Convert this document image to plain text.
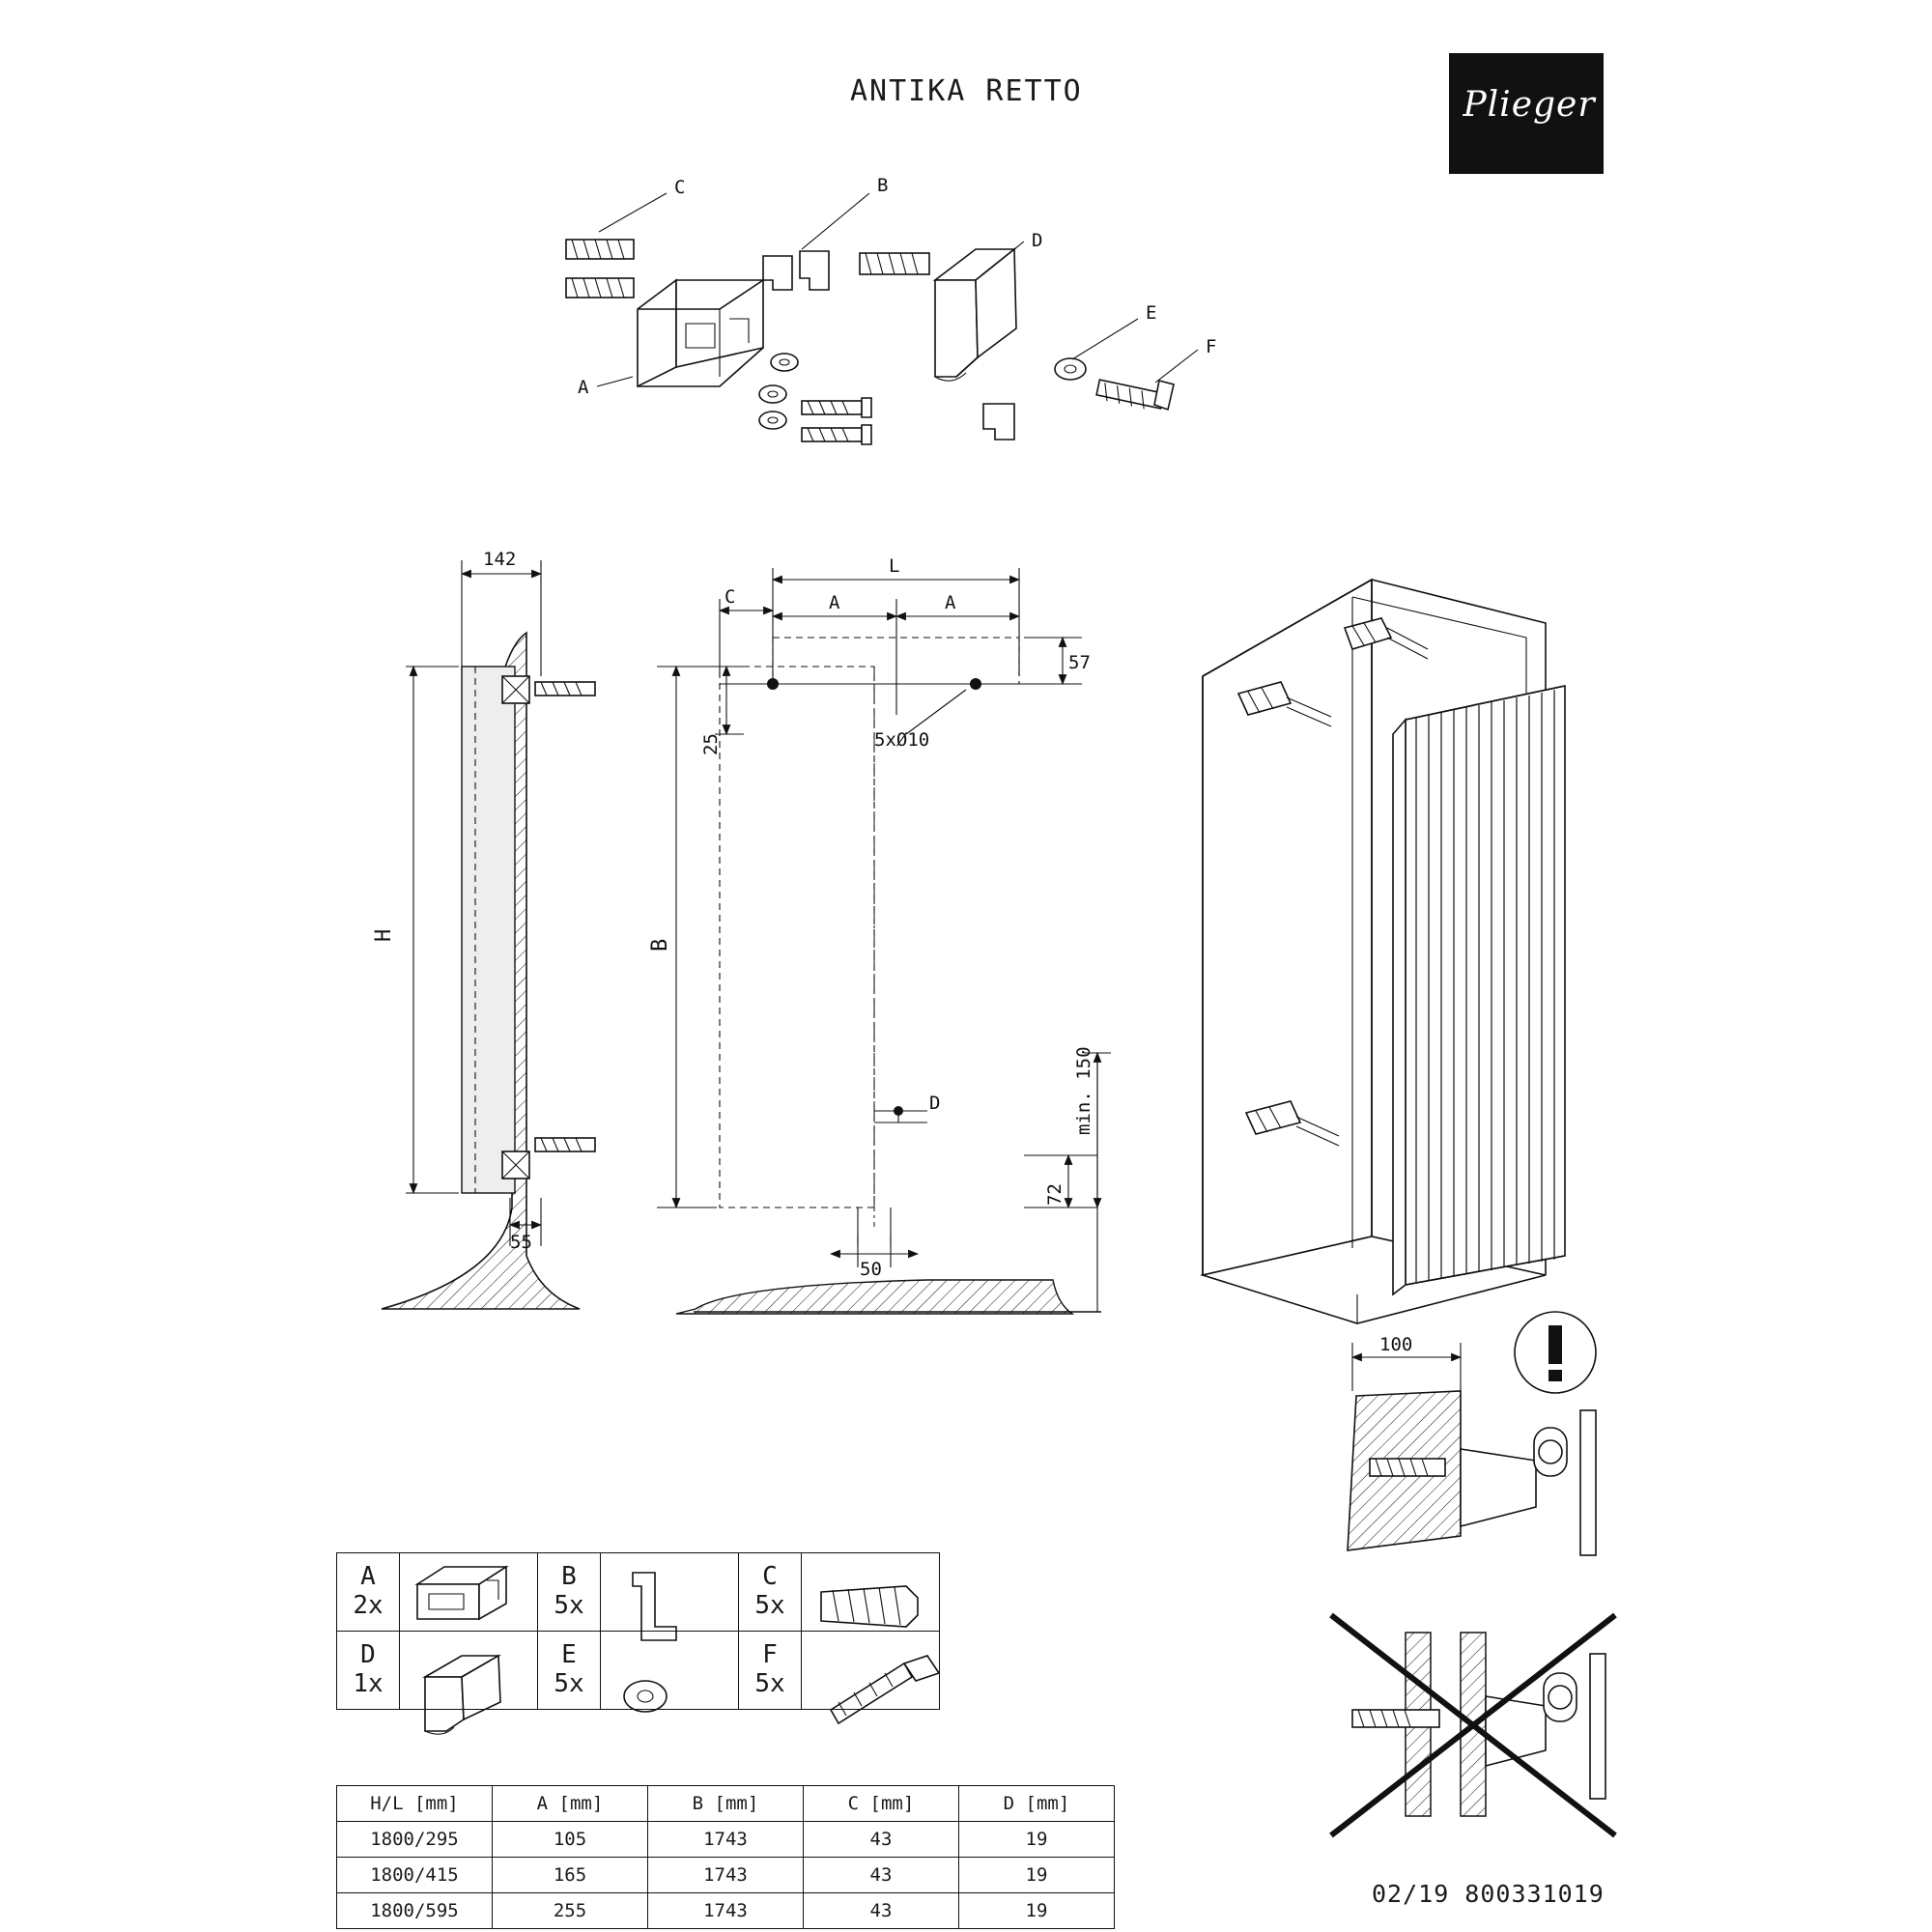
ANTIKA RETTO	Plieger
C
A
B
D
E
F
142
H
55
L
C	A	A
57
25	5xØ10
B
D
50
72
min. 150
100
A
2x

B
5x

C
5x

D
1x

E
5x

F
5x

H/L [mm]	A [mm]	B [mm]	C [mm]	D [mm]
1800/295	105	1743	43	19
1800/415	165	1743	43	19
1800/595	255	1743	43	19
02/19 800331019
